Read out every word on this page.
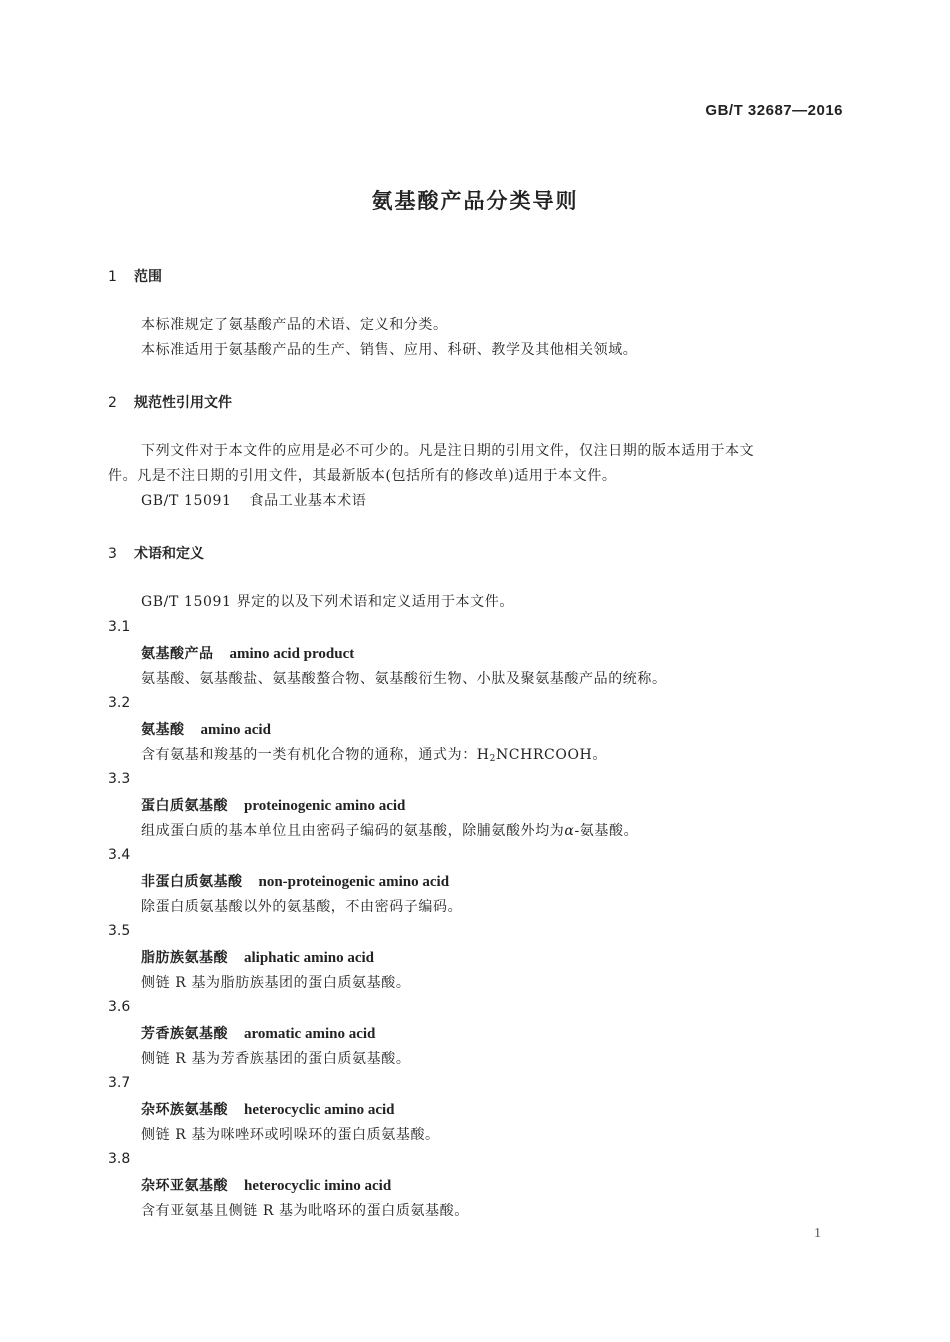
GB/T 32687—2016
氨基酸产品分类导则
1 范围
本标准规定了氨基酸产品的术语、定义和分类。
本标准适用于氨基酸产品的生产、销售、应用、科研、教学及其他相关领域。
2 规范性引用文件
下列文件对于本文件的应用是必不可少的。凡是注日期的引用文件，仅注日期的版本适用于本文
件。凡是不注日期的引用文件，其最新版本(包括所有的修改单)适用于本文件。
GB/T 15091 食品工业基本术语
3 术语和定义
GB/T 15091 界定的以及下列术语和定义适用于本文件。
3.1
氨基酸产品 amino acid product
氨基酸、氨基酸盐、氨基酸螯合物、氨基酸衍生物、小肽及聚氨基酸产品的统称。
3.2
氨基酸 amino acid
含有氨基和羧基的一类有机化合物的通称，通式为：$H_2NCHRCOOH$。
3.3
蛋白质氨基酸 proteinogenic amino acid
组成蛋白质的基本单位且由密码子编码的氨基酸，除脯氨酸外均为α-氨基酸。
3.4
非蛋白质氨基酸 non-proteinogenic amino acid
除蛋白质氨基酸以外的氨基酸，不由密码子编码。
3.5
脂肪族氨基酸 aliphatic amino acid
侧链 R 基为脂肪族基团的蛋白质氨基酸。
3.6
芳香族氨基酸 aromatic amino acid
侧链 R 基为芳香族基团的蛋白质氨基酸。
3.7
杂环族氨基酸 heterocyclic amino acid
侧链 R 基为咪唑环或吲哚环的蛋白质氨基酸。
3.8
杂环亚氨基酸 heterocyclic imino acid
含有亚氨基且侧链 R 基为吡咯环的蛋白质氨基酸。
1
